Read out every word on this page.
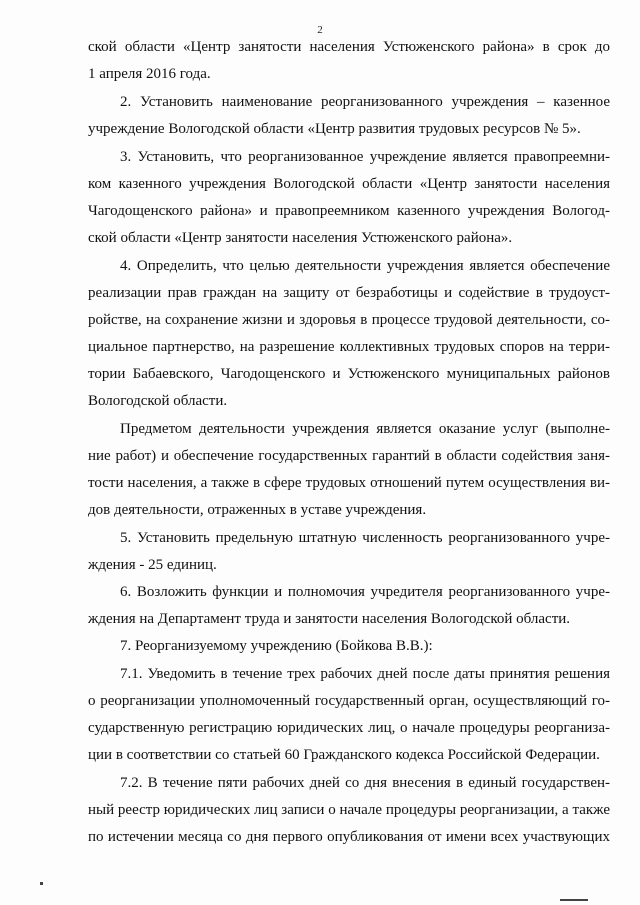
2
ской области «Центр занятости населения Устюженского района» в срок до
1 апреля 2016 года.
2. Установить наименование реорганизованного учреждения – казенное
учреждение Вологодской области «Центр развития трудовых ресурсов № 5».
3. Установить, что реорганизованное учреждение является правопреемни-
ком казенного учреждения Вологодской области «Центр занятости населения
Чагодощенского района» и правопреемником казенного учреждения Вологод-
ской области «Центр занятости населения Устюженского района».
4. Определить, что целью деятельности учреждения является обеспечение
реализации прав граждан на защиту от безработицы и содействие в трудоуст-
ройстве, на сохранение жизни и здоровья в процессе трудовой деятельности, со-
циальное партнерство, на разрешение коллективных трудовых споров на терри-
тории Бабаевского, Чагодощенского и Устюженского муниципальных районов
Вологодской области.
Предметом деятельности учреждения является оказание услуг (выполне-
ние работ) и обеспечение государственных гарантий в области содействия заня-
тости населения, а также в сфере трудовых отношений путем осуществления ви-
дов деятельности, отраженных в уставе учреждения.
5. Установить предельную штатную численность реорганизованного учре-
ждения - 25 единиц.
6. Возложить функции и полномочия учредителя реорганизованного учре-
ждения на Департамент труда и занятости населения Вологодской области.
7. Реорганизуемому учреждению (Бойкова В.В.):
7.1. Уведомить в течение трех рабочих дней после даты принятия решения
о реорганизации уполномоченный государственный орган, осуществляющий го-
сударственную регистрацию юридических лиц, о начале процедуры реорганиза-
ции в соответствии со статьей 60 Гражданского кодекса Российской Федерации.
7.2. В течение пяти рабочих дней со дня внесения в единый государствен-
ный реестр юридических лиц записи о начале процедуры реорганизации, а также
по истечении месяца со дня первого опубликования от имени всех участвующих
